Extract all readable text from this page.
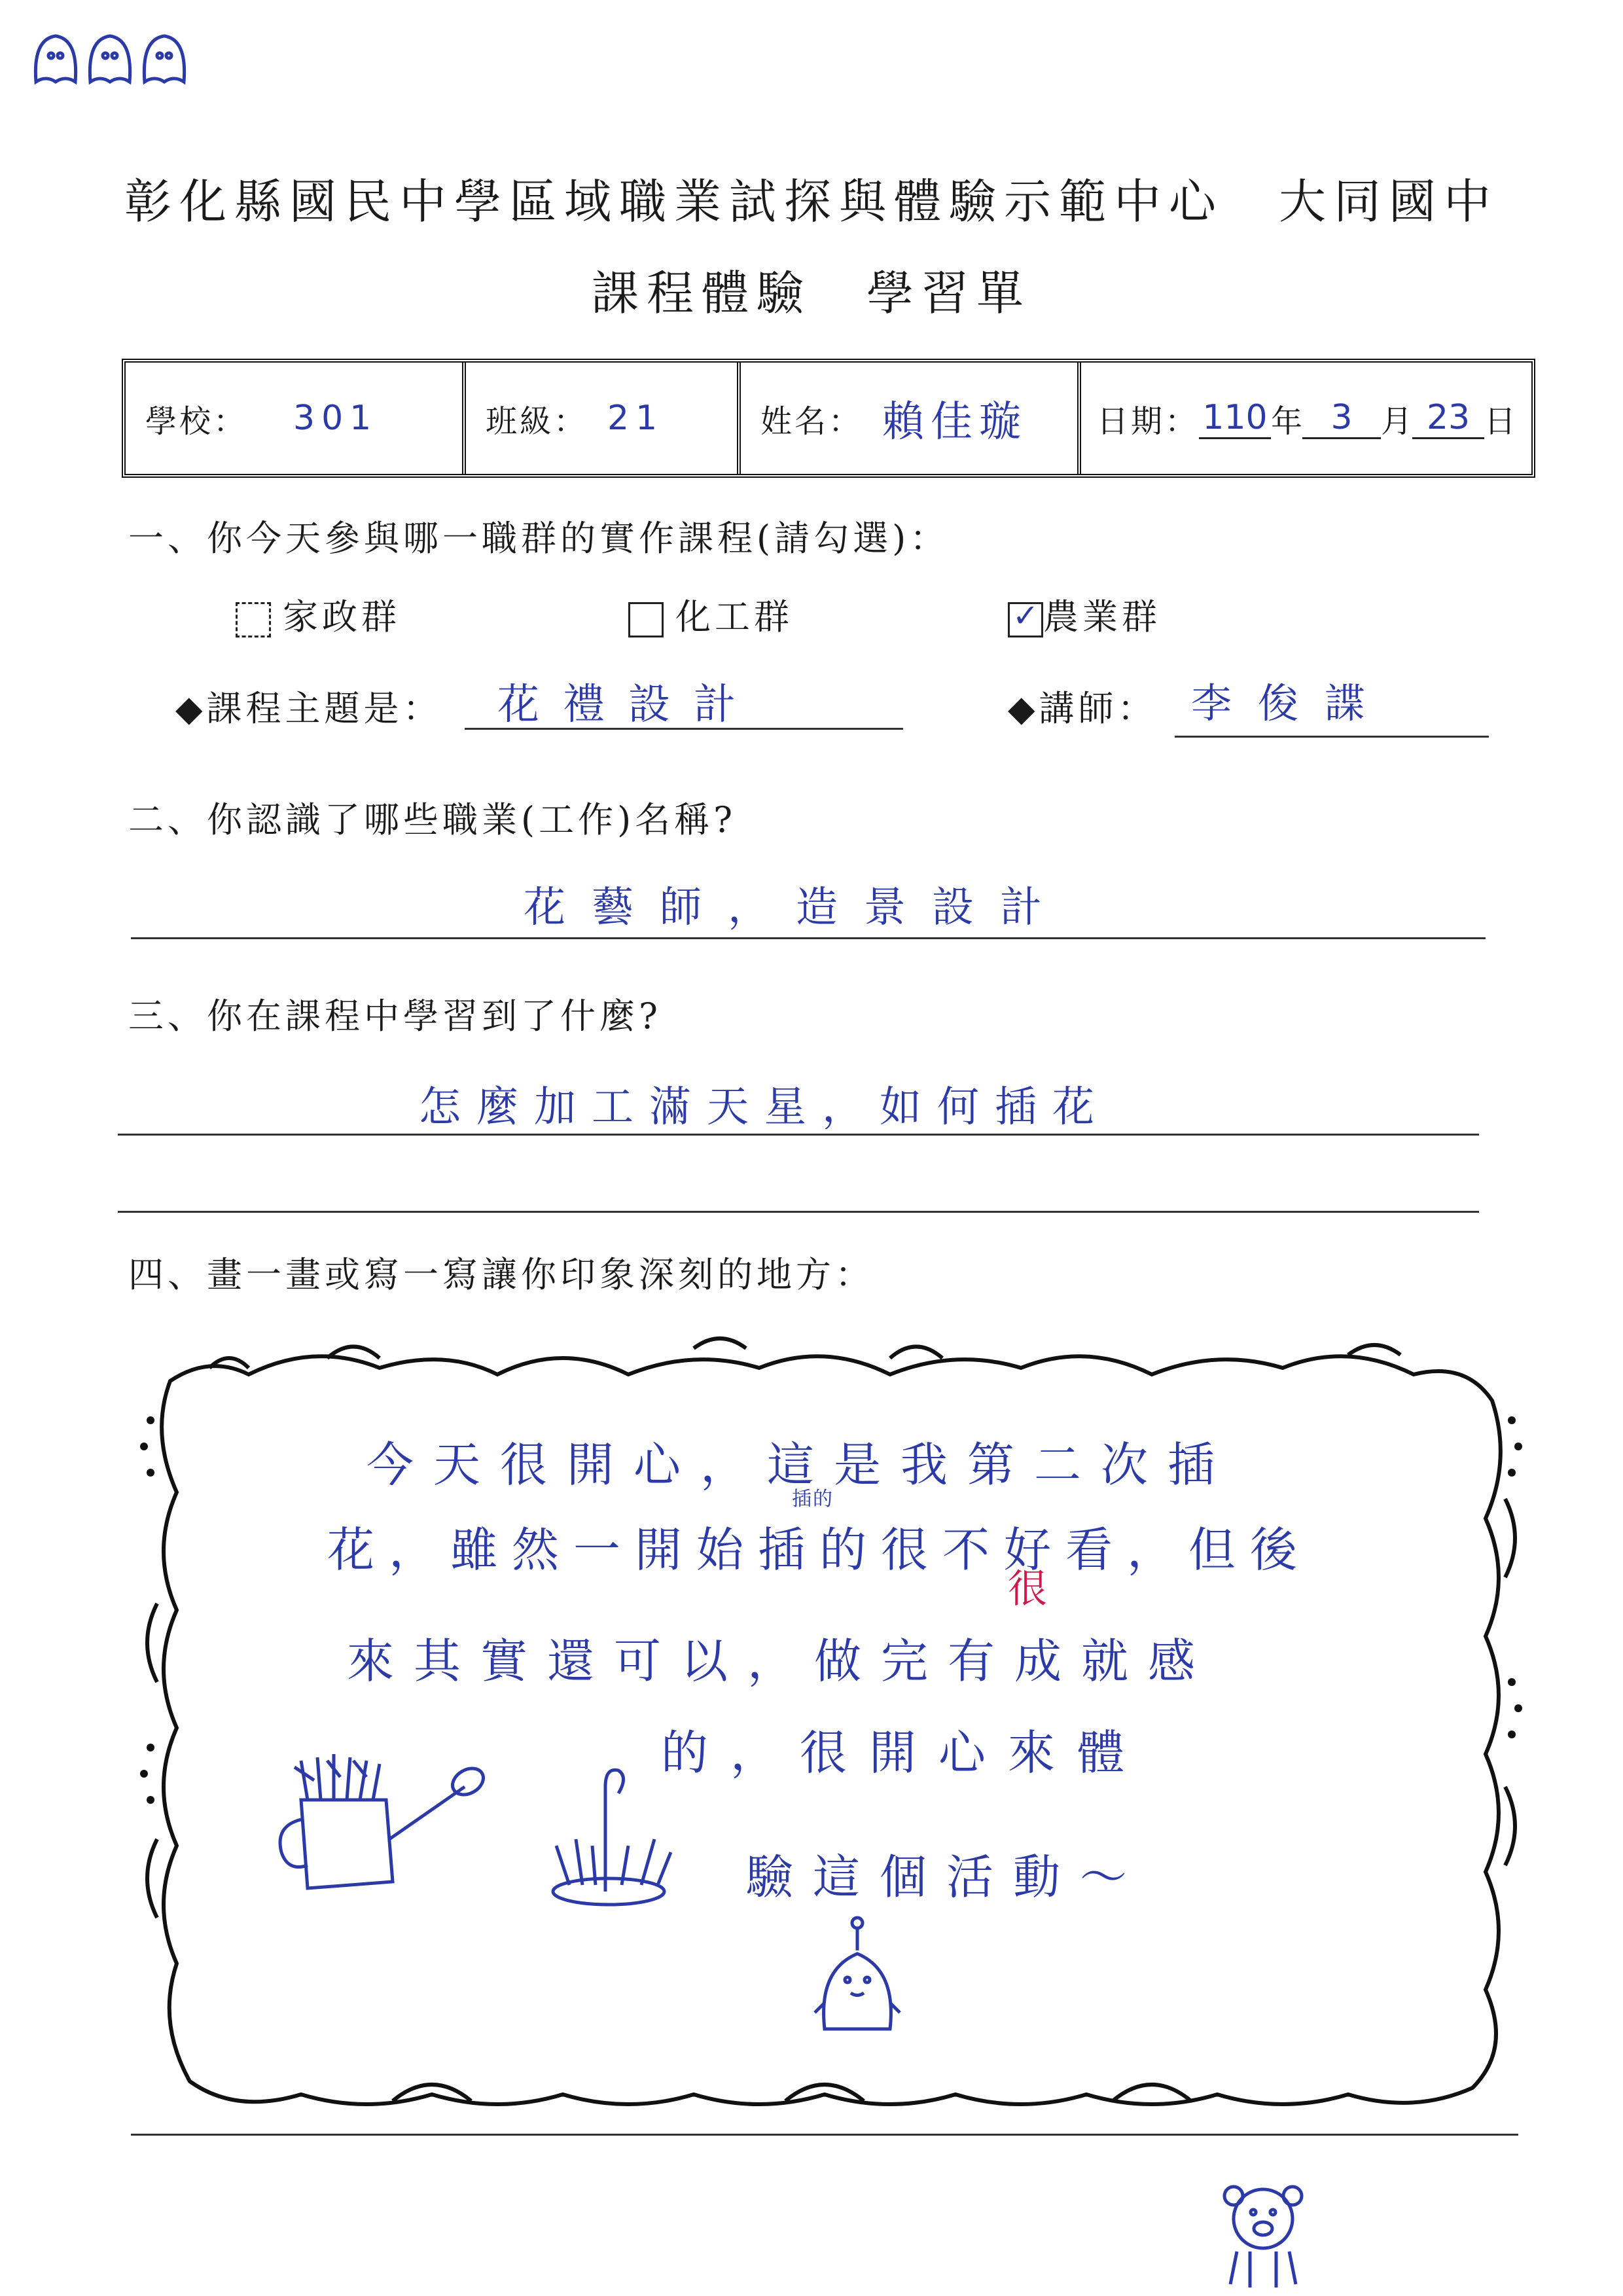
彰化縣國民中學區域職業試探與體驗示範中心　大同國中
課程體驗　學習單
學校： 301	班級： 21	姓名： 賴佳璇 日期： 110 年 3 月 23 日
一、你今天參與哪一職群的實作課程(請勾選)：
家政群	化工群	✓ 農業群
◆課程主題是： 花禮設計	◆講師： 李俊諜
二、你認識了哪些職業(工作)名稱?
花藝師，造景設計
三、你在課程中學習到了什麼?
怎麼加工滿天星，如何插花
四、畫一畫或寫一寫讓你印象深刻的地方：
今天很開心，這是我第二次插
花，雖然一開始插的很不好看，但後
插的
來其實還可以，做完有成就感
很
的，很開心來體
驗這個活動～
